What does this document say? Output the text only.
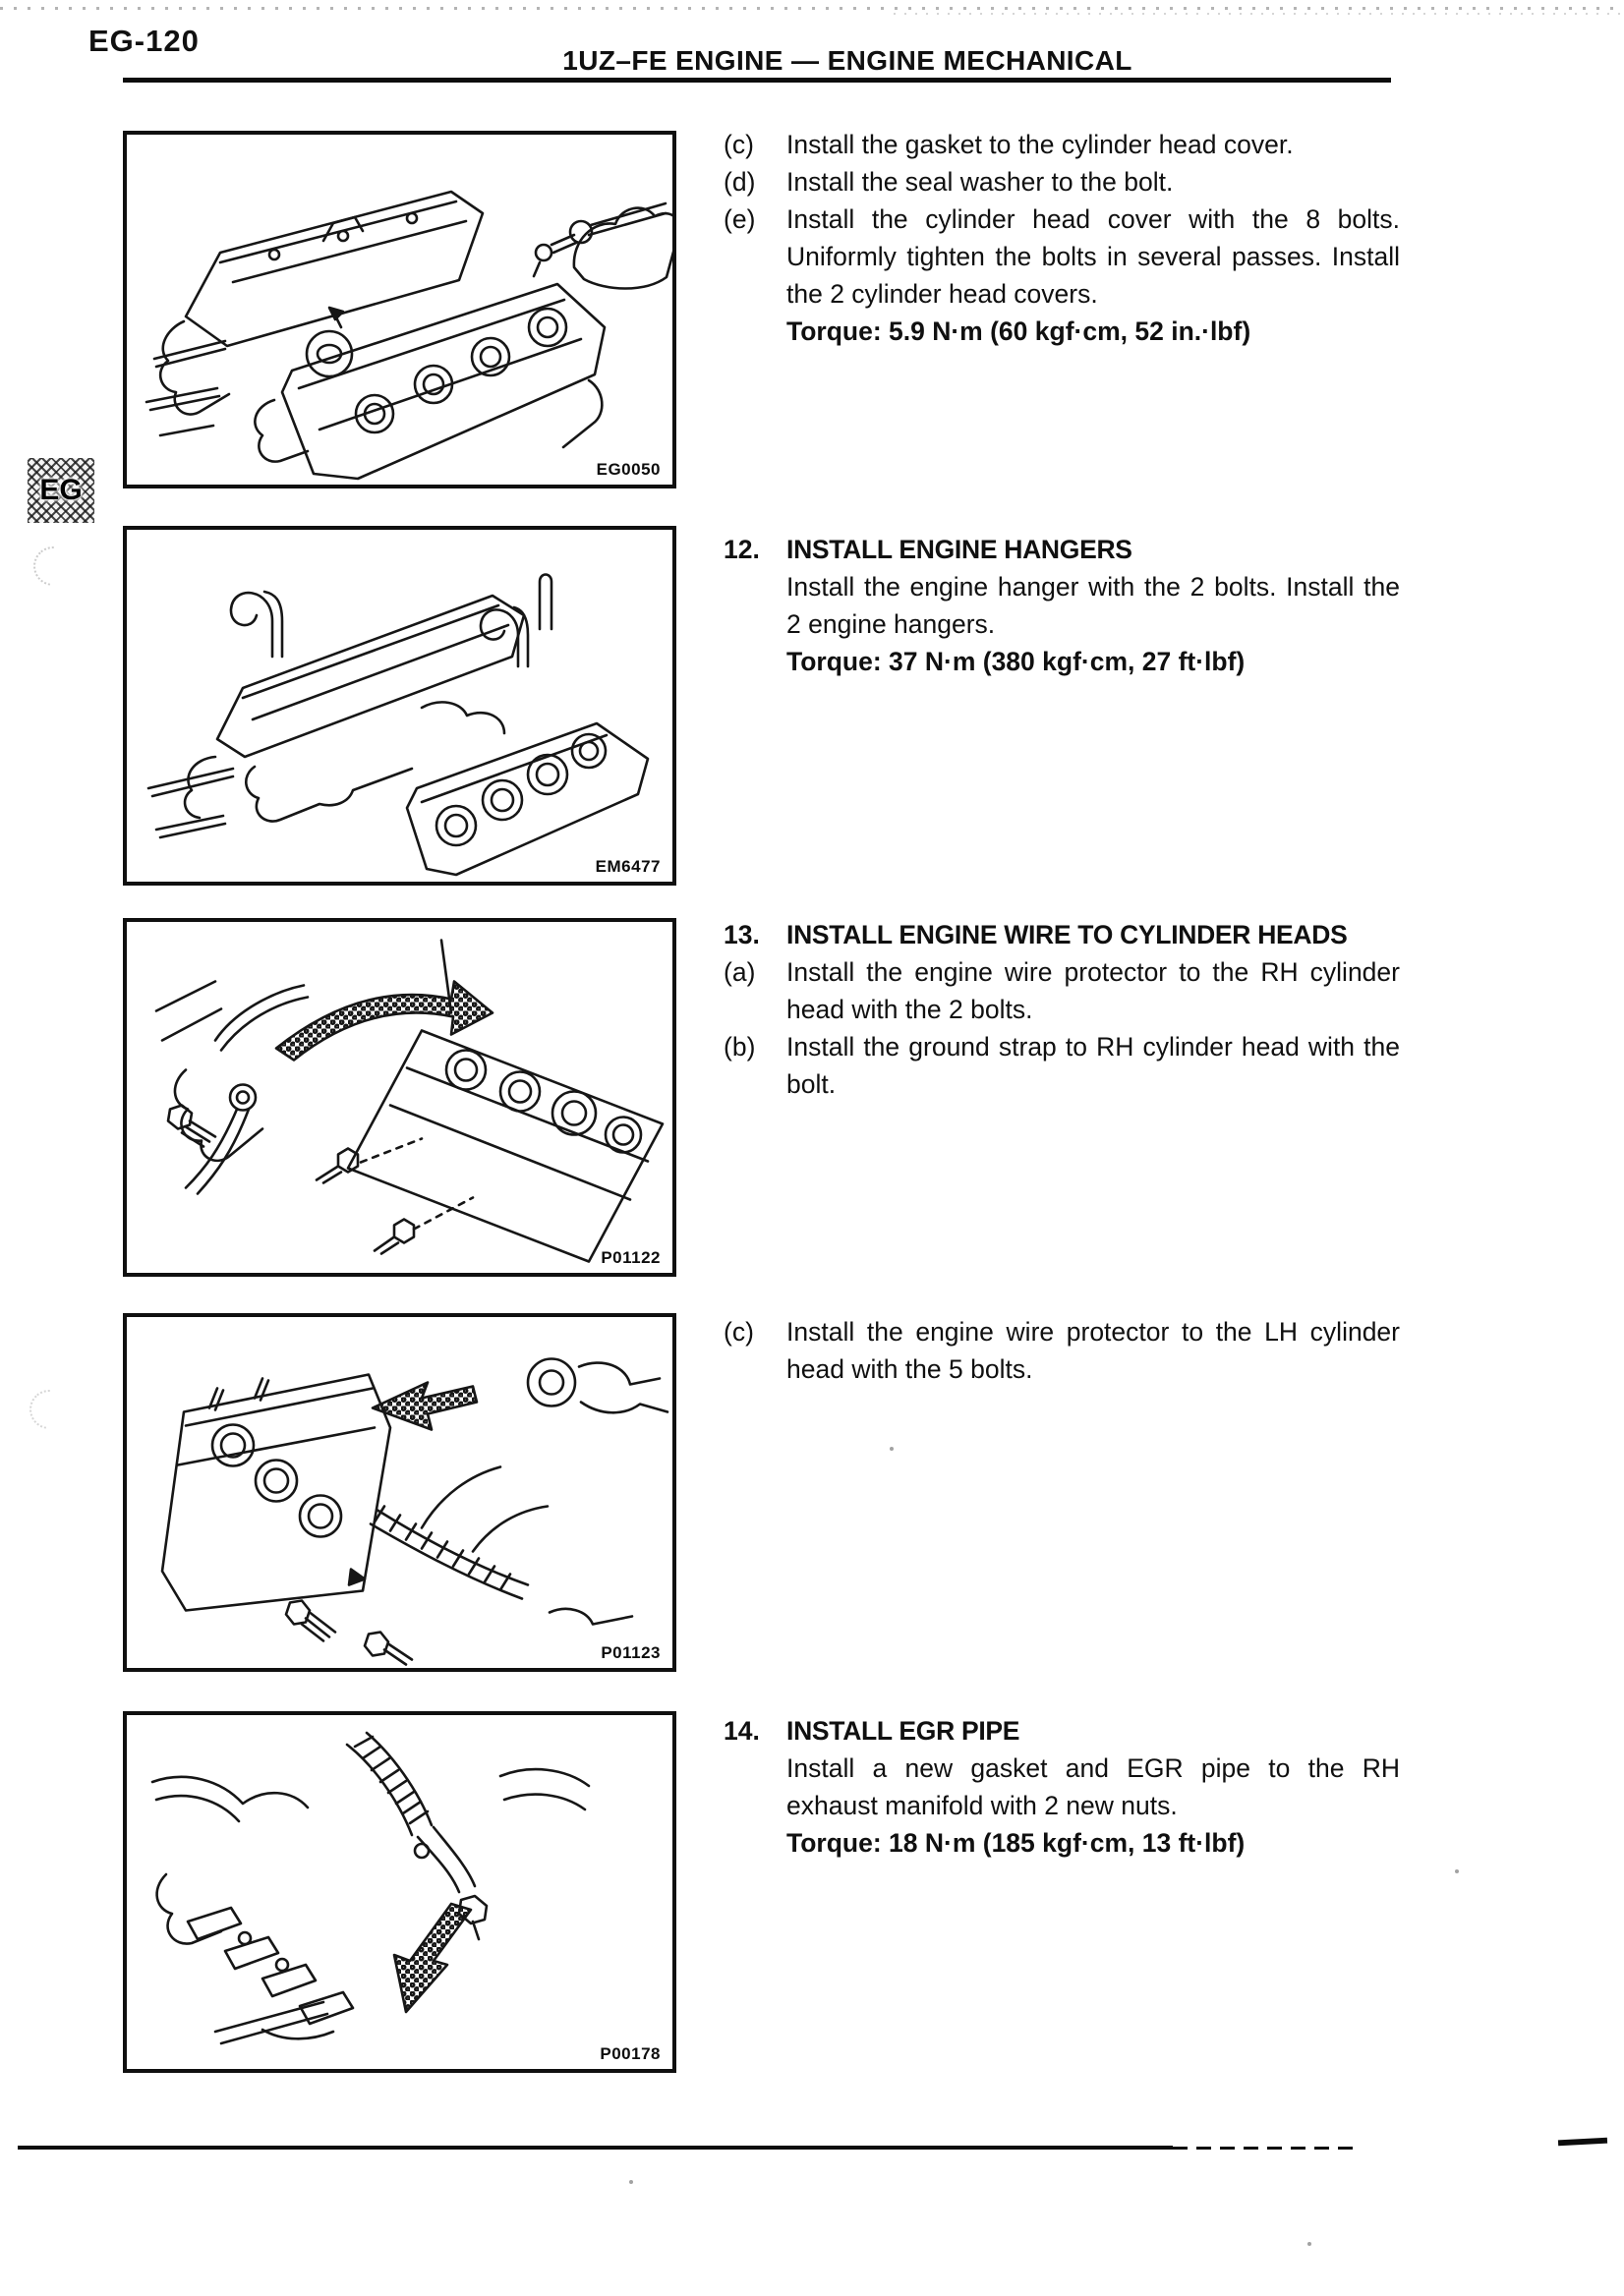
EG-120
1UZ–FE ENGINE — ENGINE MECHANICAL
EG
EG0050
EM6477
P01122
P01123
P00178
(c)	Install the gasket to the cylinder head cover.

(d)	Install the seal washer to the bolt.

(e)	Install the cylinder head cover with the 8 bolts. Uniformly tighten the bolts in several passes. Install the 2 cylinder head covers.

Torque: 5.9 N·m (60 kgf·cm, 52 in.·lbf)

12.	INSTALL ENGINE HANGERS

Install the engine hanger with the 2 bolts. Install the 2 engine hangers.

Torque: 37 N·m (380 kgf·cm, 27 ft·lbf)

13.	INSTALL ENGINE WIRE TO CYLINDER HEADS
(a)	Install the engine wire protector to the RH cylinder head with the 2 bolts.

(b)	Install the ground strap to RH cylinder head with the bolt.

(c)	Install the engine wire protector to the LH cylinder head with the 5 bolts.

14.	INSTALL EGR PIPE

Install a new gasket and EGR pipe to the RH exhaust manifold with 2 new nuts.

Torque: 18 N·m (185 kgf·cm, 13 ft·lbf)
